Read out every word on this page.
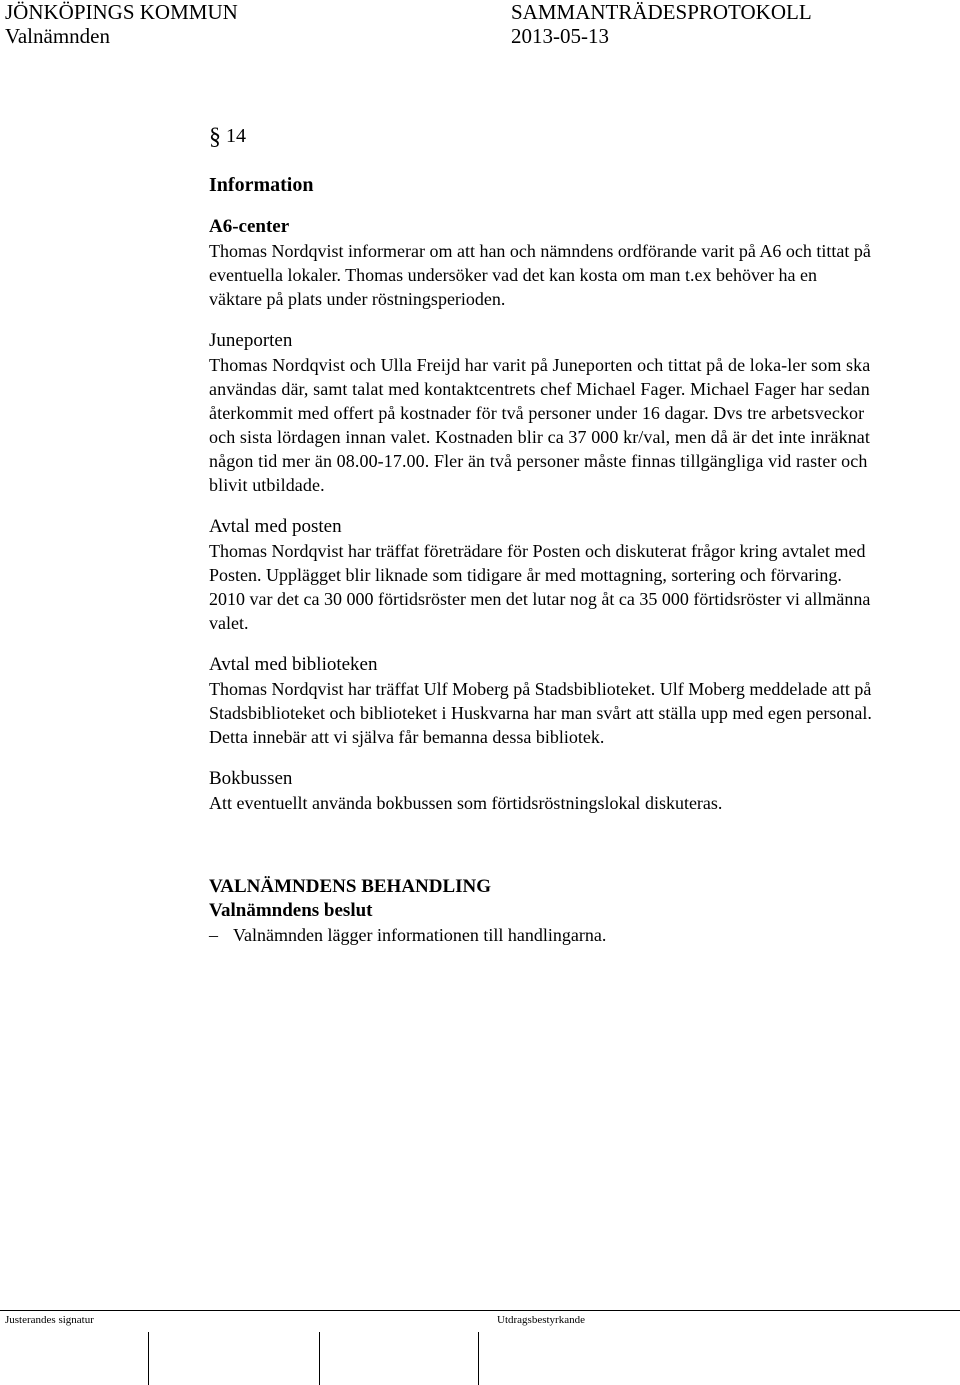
JÖNKÖPINGS KOMMUN
Valnämnden
SAMMANTRÄDESPROTOKOLL
2013-05-13
§ 14
Information
A6-center

Thomas Nordqvist informerar om att han och nämndens ordförande varit på A6 och tittat på eventuella lokaler. Thomas undersöker vad det kan kosta om man t.ex behöver ha en väktare på plats under röstningsperioden.

Juneporten

Thomas Nordqvist och Ulla Freijd har varit på Juneporten och tittat på de loka-ler som ska användas där, samt talat med kontaktcentrets chef Michael Fager. Michael Fager har sedan återkommit med offert på kostnader för två personer under 16 dagar. Dvs tre arbetsveckor och sista lördagen innan valet. Kostnaden blir ca 37 000 kr/val, men då är det inte inräknat någon tid mer än 08.00-17.00. Fler än två personer måste finnas tillgängliga vid raster och blivit utbildade.

Avtal med posten

Thomas Nordqvist har träffat företrädare för Posten och diskuterat frågor kring avtalet med Posten. Upplägget blir liknade som tidigare år med mottagning, sortering och förvaring. 2010 var det ca 30 000 förtidsröster men det lutar nog åt ca 35 000 förtidsröster vi allmänna valet.

Avtal med biblioteken

Thomas Nordqvist har träffat Ulf Moberg på Stadsbiblioteket. Ulf Moberg meddelade att på Stadsbiblioteket och biblioteket i Huskvarna har man svårt att ställa upp med egen personal. Detta innebär att vi själva får bemanna dessa bibliotek.

Bokbussen

Att eventuellt använda bokbussen som förtidsröstningslokal diskuteras.

VALNÄMNDENS BEHANDLING
Valnämndens beslut
– Valnämnden lägger informationen till handlingarna.
Justerandes signatur	Utdragsbestyrkande
